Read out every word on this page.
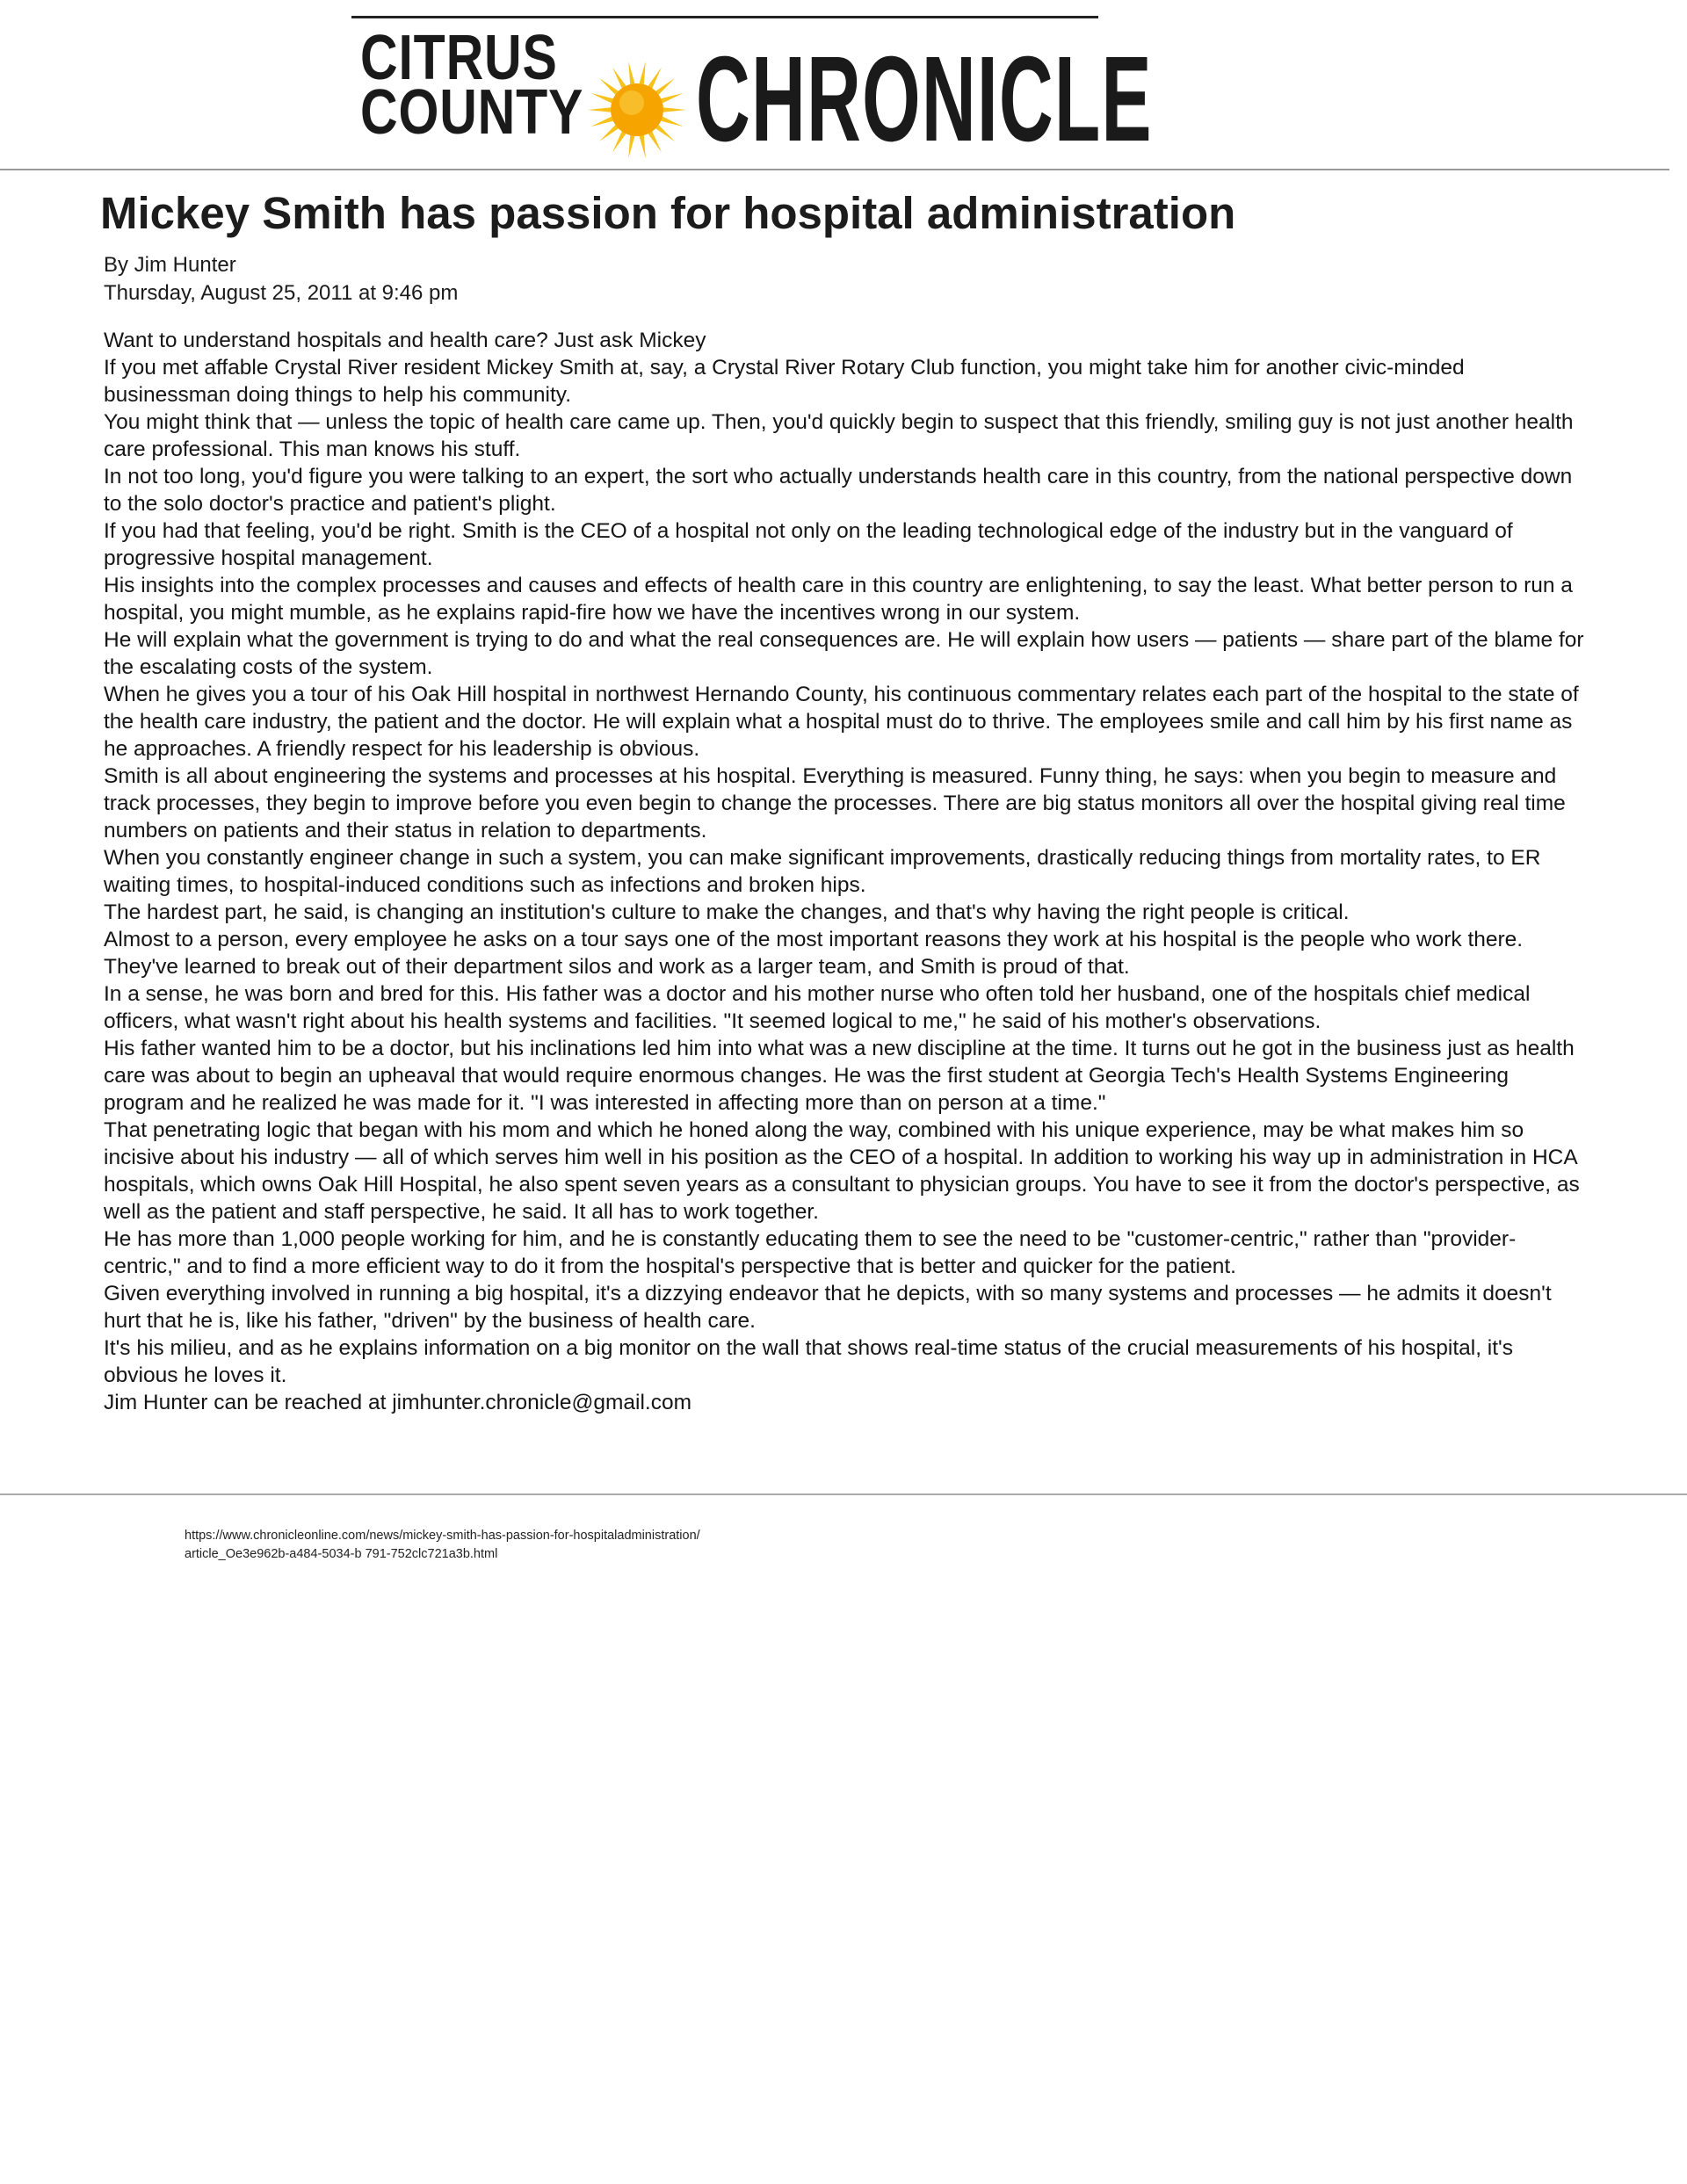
CITRUS
COUNTY CHRONICLE
Mickey Smith has passion for hospital administration
By Jim Hunter
Thursday, August 25, 2011 at 9:46 pm

Want to understand hospitals and health care? Just ask Mickey

If you met affable Crystal River resident Mickey Smith at, say, a Crystal River Rotary Club function, you might take him for another civic-minded businessman doing things to help his community.

You might think that — unless the topic of health care came up. Then, you'd quickly begin to suspect that this friendly, smiling guy is not just another health care professional. This man knows his stuff.

In not too long, you'd figure you were talking to an expert, the sort who actually understands health care in this country, from the national perspective down to the solo doctor's practice and patient's plight.

If you had that feeling, you'd be right. Smith is the CEO of a hospital not only on the leading technological edge of the industry but in the vanguard of progressive hospital management.

His insights into the complex processes and causes and effects of health care in this country are enlightening, to say the least. What better person to run a hospital, you might mumble, as he explains rapid-fire how we have the incentives wrong in our system.

He will explain what the government is trying to do and what the real consequences are. He will explain how users — patients — share part of the blame for the escalating costs of the system.

When he gives you a tour of his Oak Hill hospital in northwest Hernando County, his continuous commentary relates each part of the hospital to the state of the health care industry, the patient and the doctor. He will explain what a hospital must do to thrive. The employees smile and call him by his first name as he approaches. A friendly respect for his leadership is obvious.

Smith is all about engineering the systems and processes at his hospital. Everything is measured. Funny thing, he says: when you begin to measure and track processes, they begin to improve before you even begin to change the processes. There are big status monitors all over the hospital giving real time numbers on patients and their status in relation to departments.

When you constantly engineer change in such a system, you can make significant improvements, drastically reducing things from mortality rates, to ER waiting times, to hospital-induced conditions such as infections and broken hips.

The hardest part, he said, is changing an institution's culture to make the changes, and that's why having the right people is critical.

Almost to a person, every employee he asks on a tour says one of the most important reasons they work at his hospital is the people who work there. They've learned to break out of their department silos and work as a larger team, and Smith is proud of that.

In a sense, he was born and bred for this. His father was a doctor and his mother nurse who often told her husband, one of the hospitals chief medical officers, what wasn't right about his health systems and facilities. "It seemed logical to me," he said of his mother's observations.

His father wanted him to be a doctor, but his inclinations led him into what was a new discipline at the time. It turns out he got in the business just as health care was about to begin an upheaval that would require enormous changes. He was the first student at Georgia Tech's Health Systems Engineering program and he realized he was made for it. "I was interested in affecting more than on person at a time."

That penetrating logic that began with his mom and which he honed along the way, combined with his unique experience, may be what makes him so incisive about his industry — all of which serves him well in his position as the CEO of a hospital. In addition to working his way up in administration in HCA hospitals, which owns Oak Hill Hospital, he also spent seven years as a consultant to physician groups. You have to see it from the doctor's perspective, as well as the patient and staff perspective, he said. It all has to work together.

He has more than 1,000 people working for him, and he is constantly educating them to see the need to be "customer-centric," rather than "provider-centric," and to find a more efficient way to do it from the hospital's perspective that is better and quicker for the patient.

Given everything involved in running a big hospital, it's a dizzying endeavor that he depicts, with so many systems and processes — he admits it doesn't hurt that he is, like his father, "driven" by the business of health care.

It's his milieu, and as he explains information on a big monitor on the wall that shows real-time status of the crucial measurements of his hospital, it's obvious he loves it.

Jim Hunter can be reached at jimhunter.chronicle@gmail.com

https://www.chronicleonline.com/news/mickey-smith-has-passion-for-hospitaladministration/
article_Oe3e962b-a484-5034-b 791-752clc721a3b.html
